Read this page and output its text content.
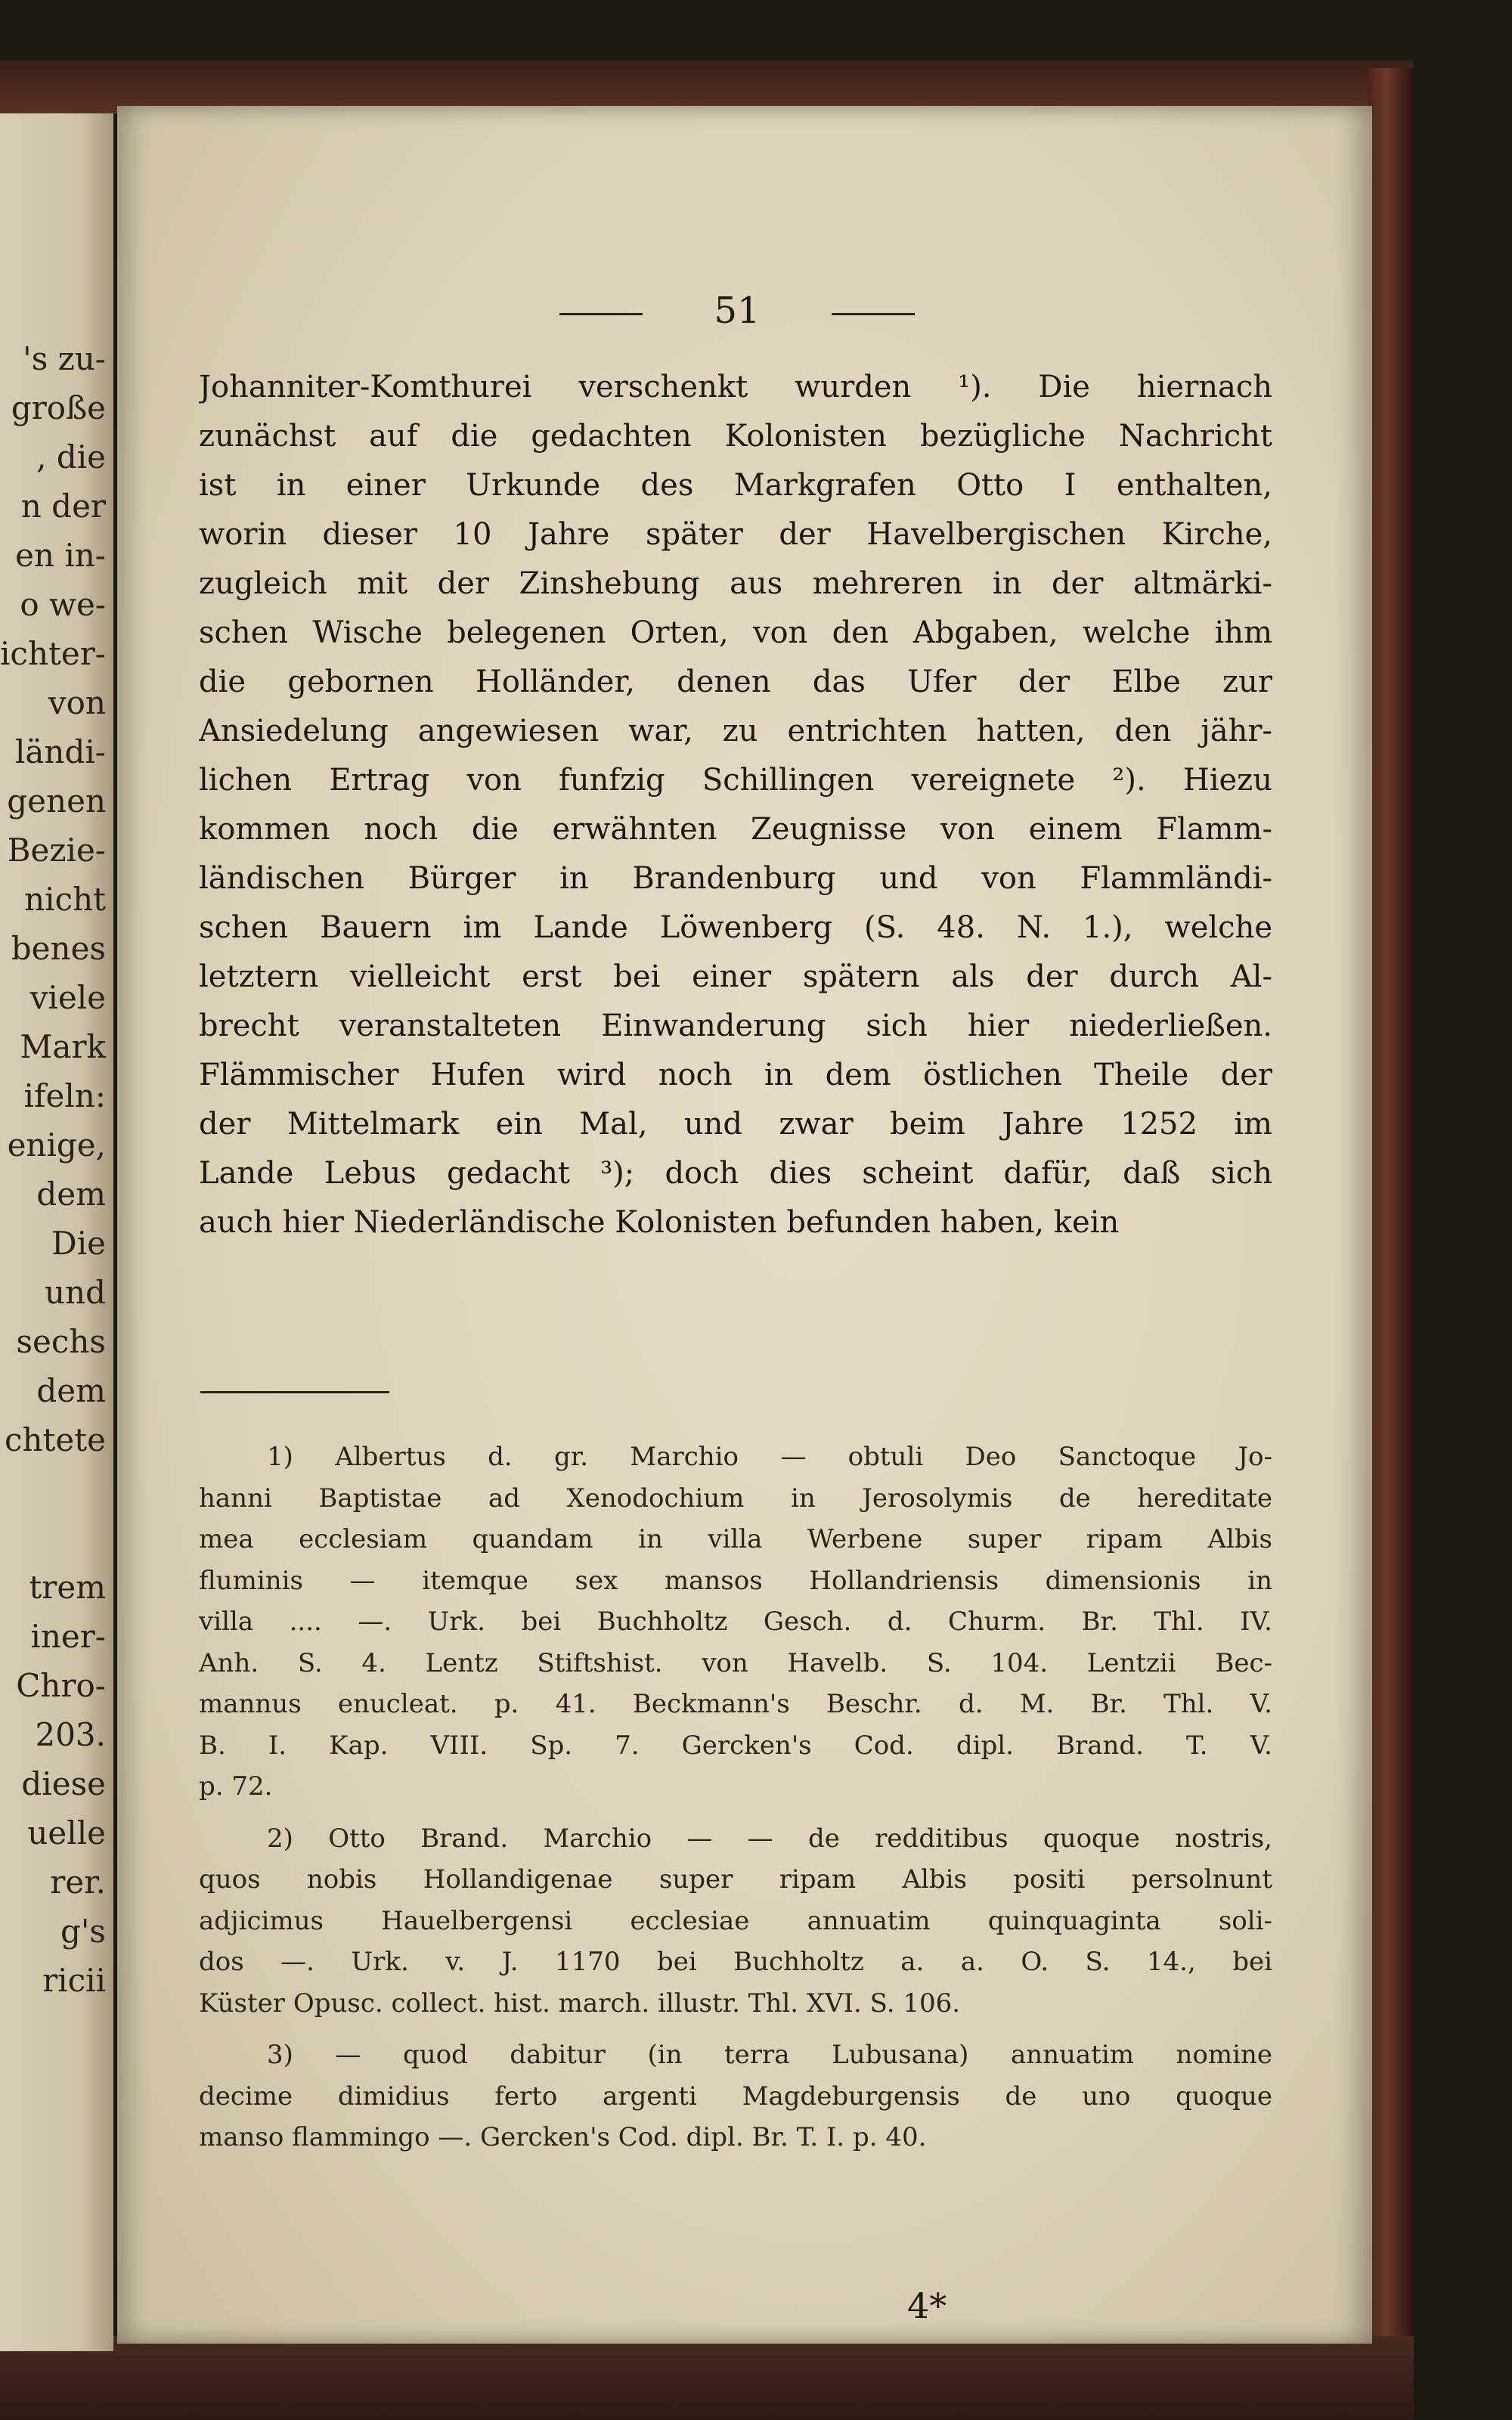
's zu-
große
, die
n der
en in-
o we-
ichter-
von
ländi-
genen
Bezie-
nicht
benes
viele
Mark
ifeln:
enige,
dem
Die
und
sechs
dem
chtete
trem
iner-
Chro-
203.
diese
uelle
rer.
g's
ricii
51
Johanniter-Komthurei verschenkt wurden ¹). Die hiernach
zunächst auf die gedachten Kolonisten bezügliche Nachricht
ist in einer Urkunde des Markgrafen Otto I enthalten,
worin dieser 10 Jahre später der Havelbergischen Kirche,
zugleich mit der Zinshebung aus mehreren in der altmärki-
schen Wische belegenen Orten, von den Abgaben, welche ihm
die gebornen Holländer, denen das Ufer der Elbe zur
Ansiedelung angewiesen war, zu entrichten hatten, den jähr-
lichen Ertrag von funfzig Schillingen vereignete ²). Hiezu
kommen noch die erwähnten Zeugnisse von einem Flamm-
ländischen Bürger in Brandenburg und von Flammländi-
schen Bauern im Lande Löwenberg (S. 48. N. 1.), welche
letztern vielleicht erst bei einer spätern als der durch Al-
brecht veranstalteten Einwanderung sich hier niederließen.
Flämmischer Hufen wird noch in dem östlichen Theile der
der Mittelmark ein Mal, und zwar beim Jahre 1252 im
Lande Lebus gedacht ³); doch dies scheint dafür, daß sich
auch hier Niederländische Kolonisten befunden haben, kein
1) Albertus d. gr. Marchio — obtuli Deo Sanctoque Jo-
hanni Baptistae ad Xenodochium in Jerosolymis de hereditate
mea ecclesiam quandam in villa Werbene super ripam Albis
fluminis — itemque sex mansos Hollandriensis dimensionis in
villa .... —. Urk. bei Buchholtz Gesch. d. Churm. Br. Thl. IV.
Anh. S. 4. Lentz Stiftshist. von Havelb. S. 104. Lentzii Bec-
mannus enucleat. p. 41. Beckmann's Beschr. d. M. Br. Thl. V.
B. I. Kap. VIII. Sp. 7. Gercken's Cod. dipl. Brand. T. V.
p. 72.
2) Otto Brand. Marchio — — de redditibus quoque nostris,
quos nobis Hollandigenae super ripam Albis positi persolnunt
adjicimus Hauelbergensi ecclesiae annuatim quinquaginta soli-
dos —. Urk. v. J. 1170 bei Buchholtz a. a. O. S. 14., bei
Küster Opusc. collect. hist. march. illustr. Thl. XVI. S. 106.
3) — quod dabitur (in terra Lubusana) annuatim nomine
decime dimidius ferto argenti Magdeburgensis de uno quoque
manso flammingo —. Gercken's Cod. dipl. Br. T. I. p. 40.
4*
